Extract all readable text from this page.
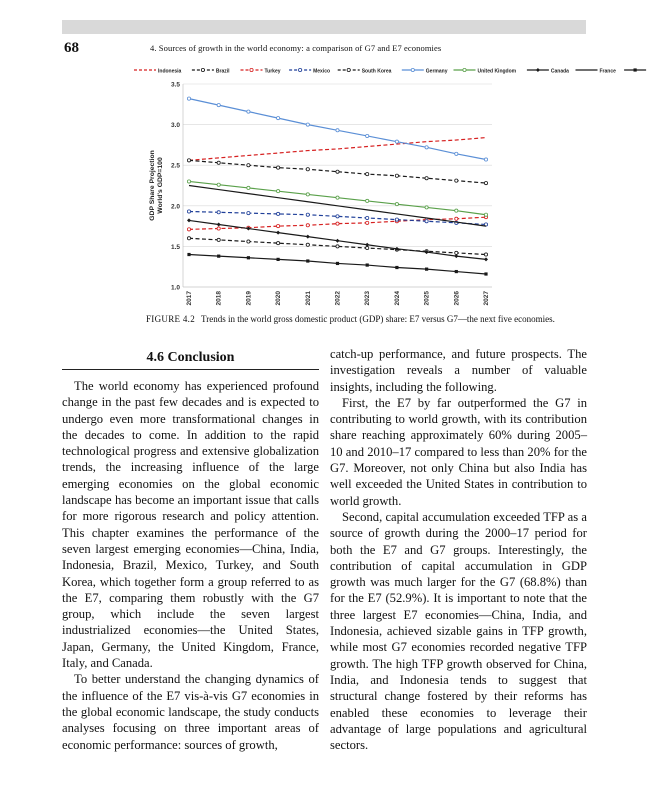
68	4. Sources of growth in the world economy: a comparison of G7 and E7 economies
Indonesia	Brazil	Turkey	Mexico	South Korea	Germany	United Kingdom	Canada	France
1.0
1.5
2.0
2.5
3.0
3.5
2017	2018	2019	2020	2021	2022	2023	2024	2025	2026	2027
GDP Share Projection World's GDP=100
FIGURE 4.2 Trends in the world gross domestic product (GDP) share: E7 versus G7—the next five economies.
4.6 Conclusion

The world economy has experienced profound change in the past few decades and is expected to undergo even more transformational changes in the decades to come. In addition to the rapid technological progress and extensive globalization trends, the increasing influence of the large emerging economies on the global economic landscape has become an important issue that calls for more rigorous research and policy attention. This chapter examines the performance of the seven largest emerging economies—China, India, Indonesia, Brazil, Mexico, Turkey, and South Korea, which together form a group referred to as the E7, comparing them robustly with the G7 group, which include the seven largest industrialized economies—the United States, Japan, Germany, the United Kingdom, France, Italy, and Canada.

To better understand the changing dynamics of the influence of the E7 vis-à-vis G7 economies in the global economic landscape, the study conducts analyses focusing on three important areas of economic performance: sources of growth,

catch-up performance, and future prospects. The investigation reveals a number of valuable insights, including the following.

First, the E7 by far outperformed the G7 in contributing to world growth, with its contribution share reaching approximately 60% during 2005–10 and 2010–17 compared to less than 20% for the G7. Moreover, not only China but also India has well exceeded the United States in contribution to world growth.

Second, capital accumulation exceeded TFP as a source of growth during the 2000–17 period for both the E7 and G7 groups. Interestingly, the contribution of capital accumulation in GDP growth was much larger for the G7 (68.8%) than for the E7 (52.9%). It is important to note that the three largest E7 economies—China, India, and Indonesia, achieved sizable gains in TFP growth, while most G7 economies recorded negative TFP growth. The high TFP growth observed for China, India, and Indonesia tends to suggest that structural change fostered by their reforms has enabled these economies to leverage their advantage of large populations and agricultural sectors.
